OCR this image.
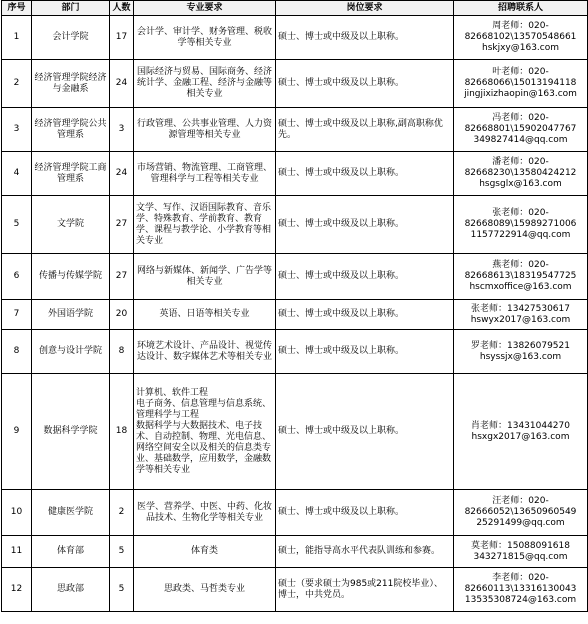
序号	部门	人数	专业要求	岗位要求	招聘联系人
1	会计学院	17	会计学、审计学、财务管理、税收学等相关专业	硕士、博士或中级及以上职称。	周老师：020-
82668102\13570548661
hskjxy@163.com

2	经济管理学院经济与金融系	24	国际经济与贸易、国际商务、经济统计学、金融工程、经济与金融等相关专业	硕士、博士或中级及以上职称。	叶老师：020-
82668066\15013194118
jingjixizhaopin@163.com

3	经济管理学院公共管理系	3	行政管理、公共事业管理、人力资源管理等相关专业	硕士、博士或中级及以上职称,副高职称优先。	冯老师：020-
82668801\15902047767
349827414@qq.com

4	经济管理学院工商管理系	24	市场营销、物流管理、工商管理、管理科学与工程等相关专业	硕士、博士或中级及以上职称。	潘老师：020-
82668230\13580424212
hsgsglx@163.com

5	文学院	27	文学、写作、汉语国际教育、音乐学、特殊教育、学前教育、教育学、课程与教学论、小学教育等相关专业	硕士、博士或中级及以上职称。	张老师：020-
82668089\15989271006
1157722914@qq.com

6	传播与传媒学院	27	网络与新媒体、新闻学、广告学等相关专业	硕士、博士或中级及以上职称。	燕老师：020-
82668613\18319547725
hscmxoffice@163.com

7	外国语学院	20	英语、日语等相关专业	硕士、博士或中级及以上职称。	张老师：13427530617
hswyx2017@163.com

8	创意与设计学院	8	环境艺术设计、产品设计、视觉传达设计、数字媒体艺术等相关专业	硕士、博士或中级及以上职称。	罗老师：13826079521
hsyssjx@163.com

9	数据科学学院	18	计算机、软件工程
电子商务、信息管理与信息系统、管理科学与工程
数据科学与大数据技术、电子技术、自动控制、物理、光电信息、网络空间安全以及相关的信息类专业、基础数学，应用数学，金融数学等相关专业	硕士、博士或中级及以上职称。	肖老师：13431044270
hsxgx2017@163.com

10	健康医学院	2	医学、营养学、中医、中药、化妆品技术、生物化学等相关专业	硕士、博士或中级及以上职称。	汪老师：020-
82666052\13650960549
25291499@qq.com

11	体育部	5	体育类	硕士，能指导高水平代表队训练和参赛。	莫老师：15088091618
343271815@qq.com

12	思政部	5	思政类、马哲类专业	硕士（要求硕士为985或211院校毕业）、博士，中共党员。	李老师：020-
82660113\13316130043
13535308724@163.com
